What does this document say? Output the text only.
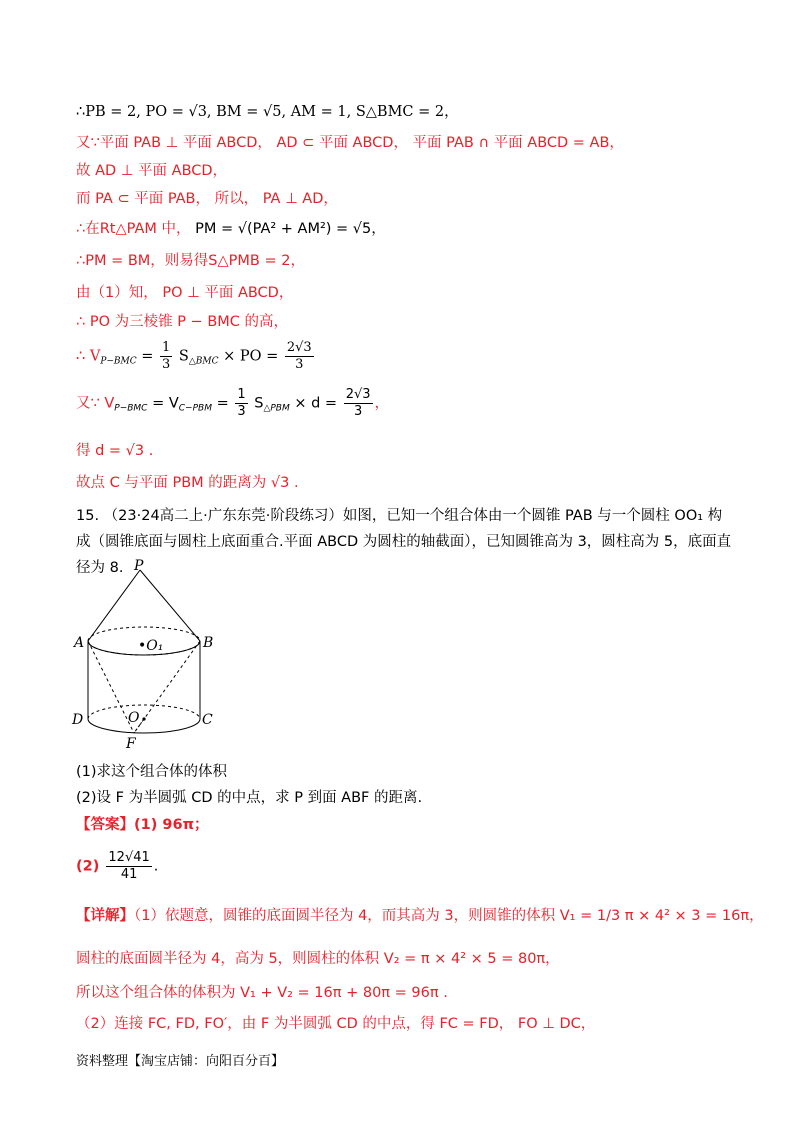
∴PB = 2, PO = √3, BM = √5, AM = 1, S△BMC = 2，
又∵平面 PAB ⊥ 平面 ABCD， AD ⊂ 平面 ABCD， 平面 PAB ∩ 平面 ABCD = AB，
故 AD ⊥ 平面 ABCD，
而 PA ⊂ 平面 PAB， 所以， PA ⊥ AD，
∴在Rt△PAM 中， PM = √(PA² + AM²) = √5，
∴PM = BM，则易得S△PMB = 2，
由（1）知， PO ⊥ 平面 ABCD，
∴ PO 为三棱锥 P − BMC 的高，
∴ $V_{P-BMC} = \frac{1}{3} S_{\triangle BMC}$ × PO = $\frac{2√3}{3}$
又∵ $V_{P-BMC} = V_{C-PBM} = \frac{1}{3} S_{\triangle PBM} \times d = \frac{2√3}{3}$ ，
得 d = √3 .
故点 C 与平面 PBM 的距离为 √3 .
15. （23·24高二上·广东东莞·阶段练习）如图，已知一个组合体由一个圆锥 PAB 与一个圆柱 OO₁ 构成（圆锥底面与圆柱上底面重合.平面 ABCD 为圆柱的轴截面），已知圆锥高为 3，圆柱高为 5，底面直径为 8. P
A	B
•O₁
D	C
O
F
(1)求这个组合体的体积
(2)设 F 为半圆弧 CD 的中点，求 P 到面 ABF 的距离.
【答案】(1) 96π；
$(2) \frac{12√41}{41}$ .
【详解】（1）依题意，圆锥的底面圆半径为 4，而其高为 3，则圆锥的体积 V₁ = 1/3 π × 4² × 3 = 16π，
圆柱的底面圆半径为 4，高为 5，则圆柱的体积 V₂ = π × 4² × 5 = 80π，
所以这个组合体的体积为 V₁ + V₂ = 16π + 80π = 96π .
（2）连接 FC, FD, FO′，由 F 为半圆弧 CD 的中点，得 FC = FD， FO ⊥ DC，
资料整理【淘宝店铺：向阳百分百】
